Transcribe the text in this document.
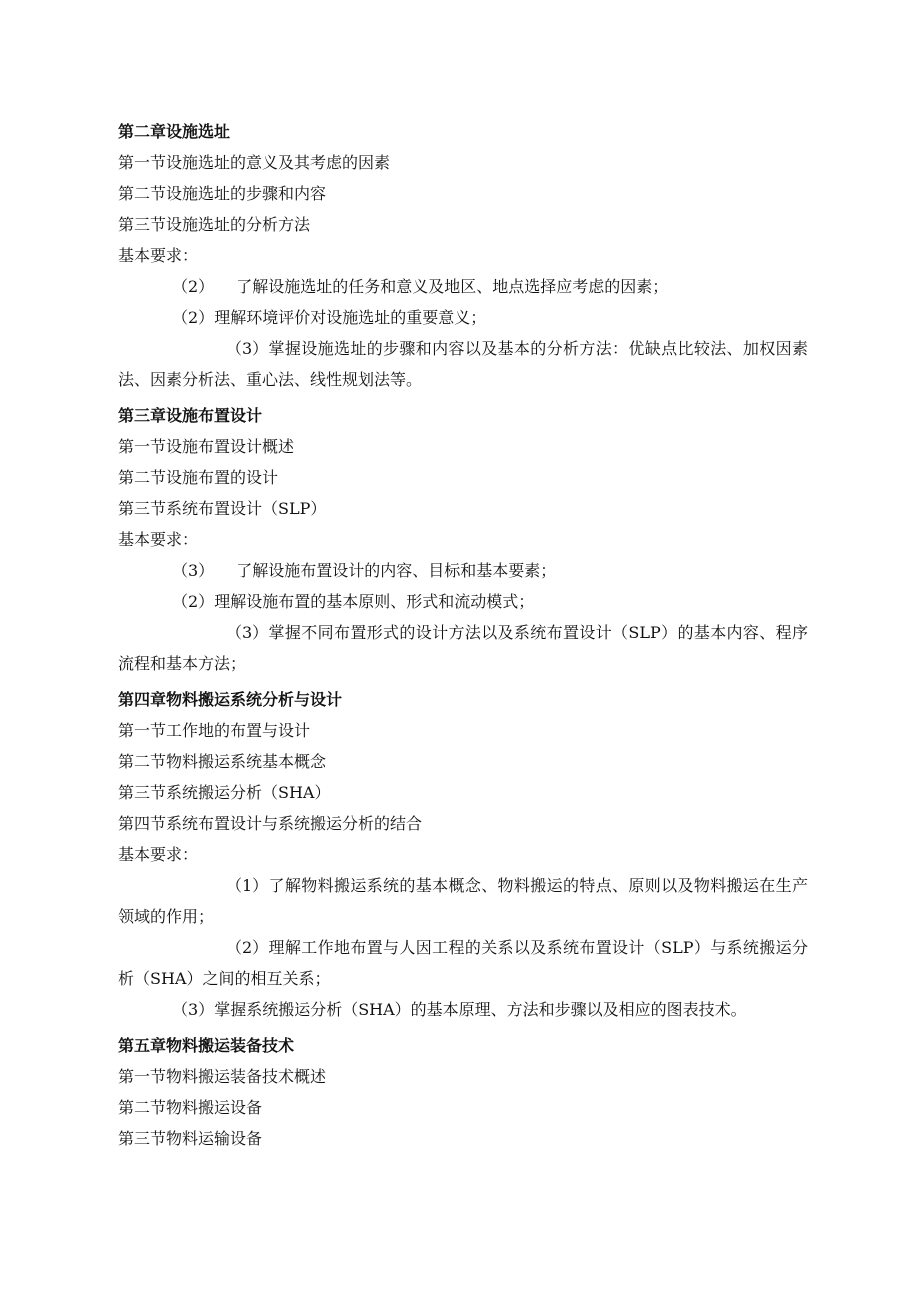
第二章设施选址
第一节设施选址的意义及其考虑的因素
第二节设施选址的步骤和内容
第三节设施选址的分析方法
基本要求：
（2） 了解设施选址的任务和意义及地区、地点选择应考虑的因素；
（2）理解环境评价对设施选址的重要意义；
（3）掌握设施选址的步骤和内容以及基本的分析方法：优缺点比较法、加权因素法、因素分析法、重心法、线性规划法等。
第三章设施布置设计
第一节设施布置设计概述
第二节设施布置的设计
第三节系统布置设计（SLP）
基本要求：
（3） 了解设施布置设计的内容、目标和基本要素；
（2）理解设施布置的基本原则、形式和流动模式；
（3）掌握不同布置形式的设计方法以及系统布置设计（SLP）的基本内容、程序流程和基本方法；
第四章物料搬运系统分析与设计
第一节工作地的布置与设计
第二节物料搬运系统基本概念
第三节系统搬运分析（SHA）
第四节系统布置设计与系统搬运分析的结合
基本要求：
（1）了解物料搬运系统的基本概念、物料搬运的特点、原则以及物料搬运在生产领域的作用；
（2）理解工作地布置与人因工程的关系以及系统布置设计（SLP）与系统搬运分析（SHA）之间的相互关系；
（3）掌握系统搬运分析（SHA）的基本原理、方法和步骤以及相应的图表技术。
第五章物料搬运装备技术
第一节物料搬运装备技术概述
第二节物料搬运设备
第三节物料运输设备
